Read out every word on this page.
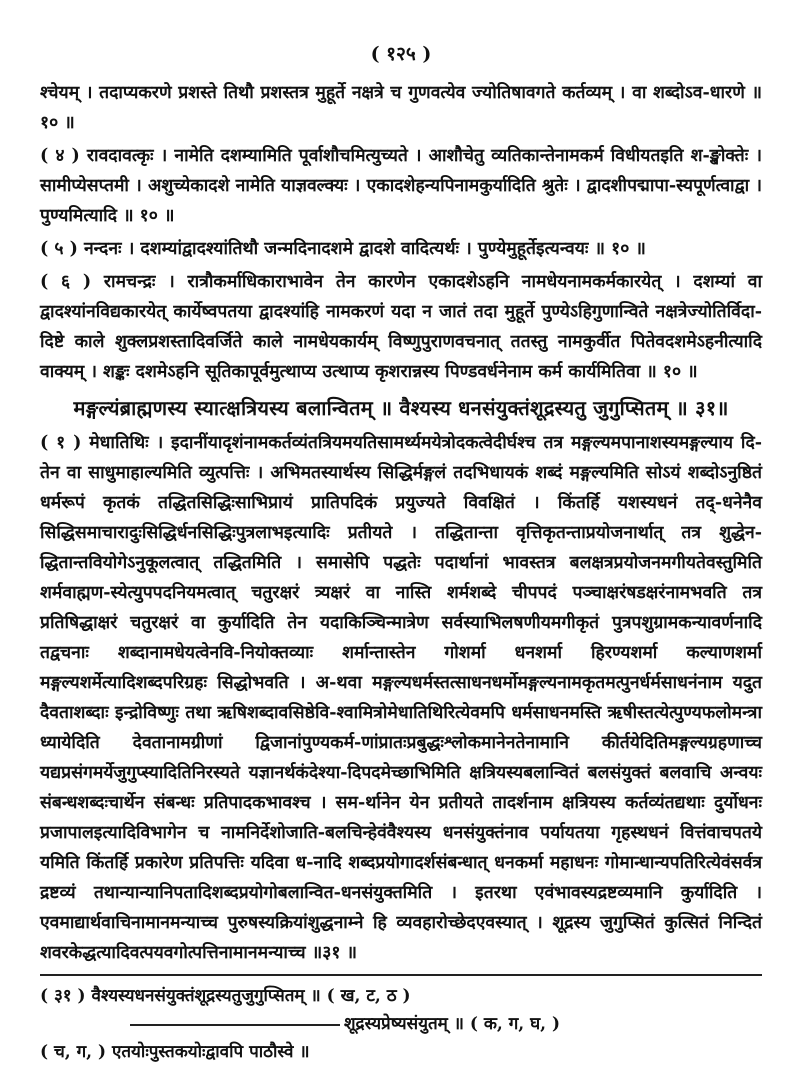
( १२५ )

श्चेयम् । तदाप्यकरणे प्रशस्ते तिथौ प्रशस्तत्र मुहूर्ते नक्षत्रे च गुणवत्येव ज्योतिषावगते कर्तव्यम् । वा शब्दोऽव-धारणे ॥ १० ॥

( ४ ) रावदावत्कृः । नामेति दशम्यामिति पूर्वाशौचमित्युच्यते । आशौचेतु व्यतिकान्तेनामकर्म विधीयतइति श-ङ्खोक्तेः । सामीप्येसप्तमी । अशुच्येकादशे नामेति याज्ञवल्क्यः । एकादशेहन्यपिनामकुर्यादिति श्रुतेः । द्वादशीपद्मापा-स्यपूर्णत्वाद्वा । पुण्यमित्यादि ॥ १० ॥

( ५ ) नन्दनः । दशम्यांद्वादश्यांतिथौ जन्मदिनादशमे द्वादशे वादित्यर्थः । पुण्येमुहूर्तेइत्यन्वयः ॥ १० ॥

( ६ ) रामचन्द्रः । रात्रौकर्माधिकाराभावेन तेन कारणेन एकादशेऽहनि नामधेयनामकर्मकारयेत् । दशम्यां वा द्वादश्यांनविद्यकारयेत् कार्येष्वपतया द्वादश्यांहि नामकरणं यदा न जातं तदा मुहूर्ते पुण्येऽहिगुणान्विते नक्षत्रेज्योतिर्विदा-दिष्टे काले शुक्लप्रशस्तादिवर्जिते काले नामधेयकार्यम् विष्णुपुराणवचनात् ततस्तु नामकुर्वीत पितेवदशमेऽहनीत्यादि वाक्यम् । शङ्कः दशमेऽहनि सूतिकापूर्वमुत्थाप्य उत्थाप्य कृशरान्नस्य पिण्डवर्धनेनाम कर्म कार्यमितिवा ॥ १० ॥

मङ्गल्यंब्राह्मणस्य स्यात्क्षत्रियस्य बलान्वितम् ॥ वैश्यस्य धनसंयुक्तंशूद्रस्यतु जुगुप्सितम् ॥ ३१॥

( १ ) मेधातिथिः । इदानींयादृशंनामकर्तव्यंतत्रियमयतिसामर्थ्यमयेत्रोदकत्वेदीर्घश्च तत्र मङ्गल्यमपानाशस्यमङ्गल्याय दि-तेन वा साधुमाहाल्यमिति व्युत्पत्तिः । अभिमतस्यार्थस्य सिद्धिर्मङ्गलं तदभिधायकं शब्दं मङ्गल्यमिति सोऽयं शब्दोऽनुष्ठितं धर्मरूपं कृतकं तद्धितसिद्धिःसाभिप्रायं प्रातिपदिकं प्रयुज्यते विवक्षितं । किंतर्हि यशस्यधनं तद्-धनेनैव सिद्धिसमाचारादुःसिद्धिर्धनसिद्धिःपुत्रलाभइत्यादिः प्रतीयते । तद्धितान्ता वृत्तिकृतन्ताप्रयोजनार्थात् तत्र शुद्धेन-द्धितान्तवियोगेऽनुकूलत्वात् तद्धितमिति । समासेपि पद्धतेः पदार्थानां भावस्तत्र बलक्षत्रप्रयोजनमगीयतेवस्तुमिति शर्मवाह्मण-स्येत्युपपदनियमत्वात् चतुरक्षरं त्र्यक्षरं वा नास्ति शर्मशब्दे चीपपदं पञ्चाक्षरंषडक्षरंनामभवति तत्र प्रतिषिद्धाक्षरं चतुरक्षरं वा कुर्यादिति तेन यदाकिञ्चिन्मात्रेण सर्वस्याभिलषणीयमगीकृतं पुत्रपशुग्रामकन्यावर्णनादि तद्वचनाः शब्दानामधेयत्वेनवि-नियोक्तव्याः शर्मान्तास्तेन गोशर्मा धनशर्मा हिरण्यशर्मा कल्याणशर्मा मङ्गल्यशर्मेत्यादिशब्दपरिग्रहः सिद्धोभवति । अ-थवा मङ्गल्यधर्मस्तत्साधनधर्मोमङ्गल्यनामकृतमत्पुनर्धर्मसाधनंनाम यदुत दैवताशब्दाः इन्द्रोविष्णुः तथा ऋषिशब्दावसिष्ठेवि-श्वामित्रोमेधातिथिरित्येवमपि धर्मसाधनमस्ति ऋषीस्तत्येत्पुण्यफलोमन्त्रा ध्यायेदिति देवतानामग्रीणां द्विजानांपुण्यकर्म-णांप्रातःप्रबुद्धःश्लोकमानेनतेनामानि कीर्तयेदितिमङ्गल्यग्रहणाच्च यद्यप्रसंगमर्येजुगुप्स्यादितिनिरस्यते यज्ञानर्थकंदेश्या-दिपदमेच्छाभिमिति क्षत्रियस्यबलान्वितं बलसंयुक्तं बलवाचि अन्वयः संबन्धशब्दःचार्थेन संबन्धः प्रतिपादकभावश्च । सम-र्थानेन येन प्रतीयते तादर्शनाम क्षत्रियस्य कर्तव्यंतद्यथाः दुर्योधनः प्रजापालइत्यादिविभागेन च नामनिर्देशोजाति-बलचिन्हेवंवैश्यस्य धनसंयुक्तंनाव पर्यायतया गृहस्थधनं वित्तंवाचपतये यमिति किंतर्हि प्रकारेण प्रतिपत्तिः यदिवा ध-नादि शब्दप्रयोगादर्शसंबन्धात् धनकर्मा महाधनः गोमान्धान्यपतिरित्येवंसर्वत्र द्रष्टव्यं तथान्यान्यानिपतादिशब्दप्रयोगोबलान्वित-धनसंयुक्तमिति । इतरथा एवंभावस्यद्रष्टव्यमानि कुर्यादिति । एवमाद्यार्थवाचिनामानमन्याच्च पुरुषस्यक्रियांशुद्धनाम्ने हि व्यवहारोच्छेदएवस्यात् । शूद्रस्य जुगुप्सितं कुत्सितं निन्दितं शवरकेद्धत्यादिवत्पयवगोत्पत्तिनामानमन्याच्च ॥३१ ॥

( ३१ ) वैश्यस्यधनसंयुक्तंशूद्रस्यतुजुगुप्सितम् ॥ ( ख, ट, ठ )
शूद्रस्यप्रेष्यसंयुतम् ॥ ( क, ग, घ, )
( च, ग, ) एतयोःपुस्तकयोःद्वावपि पाठौस्वे ॥
